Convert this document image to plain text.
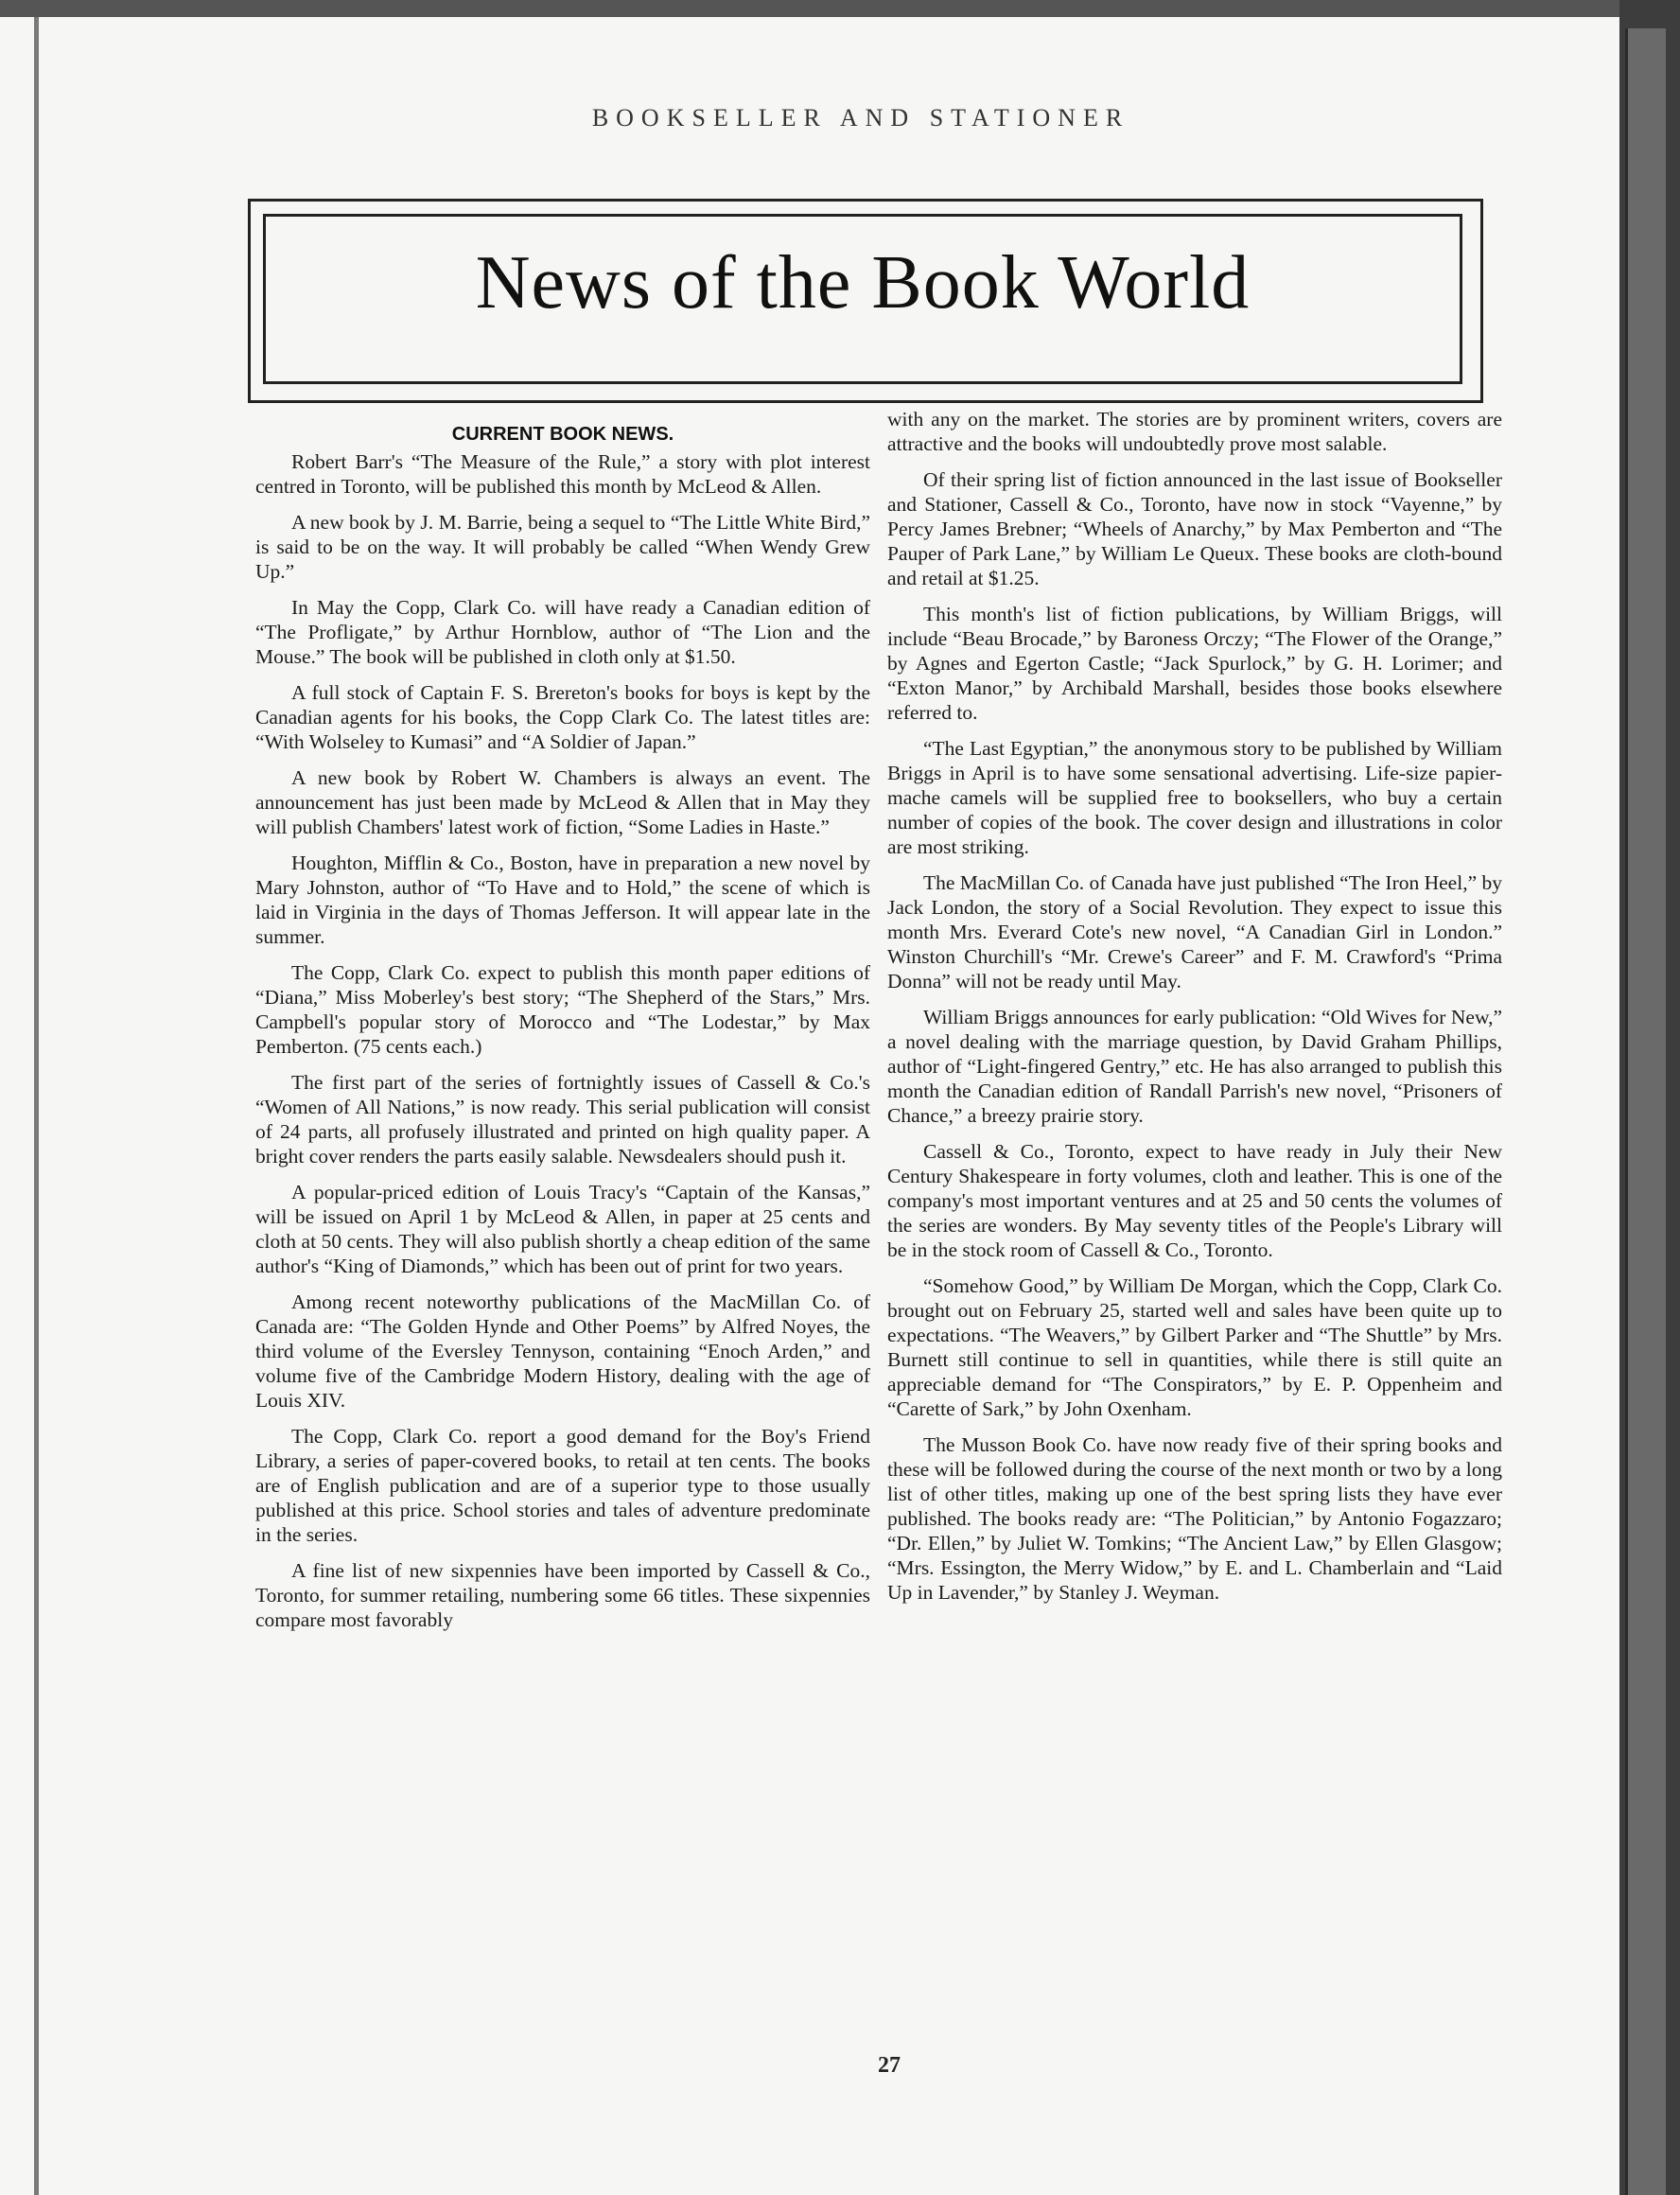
BOOKSELLER AND STATIONER
News of the Book World
CURRENT BOOK NEWS.

Robert Barr's “The Measure of the Rule,” a story with plot interest centred in Toronto, will be published this month by McLeod & Allen.

A new book by J. M. Barrie, being a sequel to “The Little White Bird,” is said to be on the way. It will probably be called “When Wendy Grew Up.”

In May the Copp, Clark Co. will have ready a Canadian edition of “The Profligate,” by Arthur Hornblow, author of “The Lion and the Mouse.” The book will be published in cloth only at $1.50.

A full stock of Captain F. S. Brereton's books for boys is kept by the Canadian agents for his books, the Copp Clark Co. The latest titles are: “With Wolseley to Kumasi” and “A Soldier of Japan.”

A new book by Robert W. Chambers is always an event. The announcement has just been made by McLeod & Allen that in May they will publish Chambers' latest work of fiction, “Some Ladies in Haste.”

Houghton, Mifflin & Co., Boston, have in preparation a new novel by Mary Johnston, author of “To Have and to Hold,” the scene of which is laid in Virginia in the days of Thomas Jefferson. It will appear late in the summer.

The Copp, Clark Co. expect to publish this month paper editions of “Diana,” Miss Moberley's best story; “The Shepherd of the Stars,” Mrs. Campbell's popular story of Morocco and “The Lodestar,” by Max Pemberton. (75 cents each.)

The first part of the series of fortnightly issues of Cassell & Co.'s “Women of All Nations,” is now ready. This serial publication will consist of 24 parts, all profusely illustrated and printed on high quality paper. A bright cover renders the parts easily salable. Newsdealers should push it.

A popular-priced edition of Louis Tracy's “Captain of the Kansas,” will be issued on April 1 by McLeod & Allen, in paper at 25 cents and cloth at 50 cents. They will also publish shortly a cheap edition of the same author's “King of Diamonds,” which has been out of print for two years.

Among recent noteworthy publications of the MacMillan Co. of Canada are: “The Golden Hynde and Other Poems” by Alfred Noyes, the third volume of the Eversley Tennyson, containing “Enoch Arden,” and volume five of the Cambridge Modern History, dealing with the age of Louis XIV.

The Copp, Clark Co. report a good demand for the Boy's Friend Library, a series of paper-covered books, to retail at ten cents. The books are of English publication and are of a superior type to those usually published at this price. School stories and tales of adventure predominate in the series.

A fine list of new sixpennies have been imported by Cassell & Co., Toronto, for summer retailing, numbering some 66 titles. These sixpennies compare most favorably

with any on the market. The stories are by prominent writers, covers are attractive and the books will undoubtedly prove most salable.

Of their spring list of fiction announced in the last issue of Bookseller and Stationer, Cassell & Co., Toronto, have now in stock “Vayenne,” by Percy James Brebner; “Wheels of Anarchy,” by Max Pemberton and “The Pauper of Park Lane,” by William Le Queux. These books are cloth-bound and retail at $1.25.

This month's list of fiction publications, by William Briggs, will include “Beau Brocade,” by Baroness Orczy; “The Flower of the Orange,” by Agnes and Egerton Castle; “Jack Spurlock,” by G. H. Lorimer; and “Exton Manor,” by Archibald Marshall, besides those books elsewhere referred to.

“The Last Egyptian,” the anonymous story to be published by William Briggs in April is to have some sensational advertising. Life-size papier-mache camels will be supplied free to booksellers, who buy a certain number of copies of the book. The cover design and illustrations in color are most striking.

The MacMillan Co. of Canada have just published “The Iron Heel,” by Jack London, the story of a Social Revolution. They expect to issue this month Mrs. Everard Cote's new novel, “A Canadian Girl in London.” Winston Churchill's “Mr. Crewe's Career” and F. M. Crawford's “Prima Donna” will not be ready until May.

William Briggs announces for early publication: “Old Wives for New,” a novel dealing with the marriage question, by David Graham Phillips, author of “Light-fingered Gentry,” etc. He has also arranged to publish this month the Canadian edition of Randall Parrish's new novel, “Prisoners of Chance,” a breezy prairie story.

Cassell & Co., Toronto, expect to have ready in July their New Century Shakespeare in forty volumes, cloth and leather. This is one of the company's most important ventures and at 25 and 50 cents the volumes of the series are wonders. By May seventy titles of the People's Library will be in the stock room of Cassell & Co., Toronto.

“Somehow Good,” by William De Morgan, which the Copp, Clark Co. brought out on February 25, started well and sales have been quite up to expectations. “The Weavers,” by Gilbert Parker and “The Shuttle” by Mrs. Burnett still continue to sell in quantities, while there is still quite an appreciable demand for “The Conspirators,” by E. P. Oppenheim and “Carette of Sark,” by John Oxenham.

The Musson Book Co. have now ready five of their spring books and these will be followed during the course of the next month or two by a long list of other titles, making up one of the best spring lists they have ever published. The books ready are: “The Politician,” by Antonio Fogazzaro; “Dr. Ellen,” by Juliet W. Tomkins; “The Ancient Law,” by Ellen Glasgow; “Mrs. Essington, the Merry Widow,” by E. and L. Chamberlain and “Laid Up in Lavender,” by Stanley J. Weyman.

27
